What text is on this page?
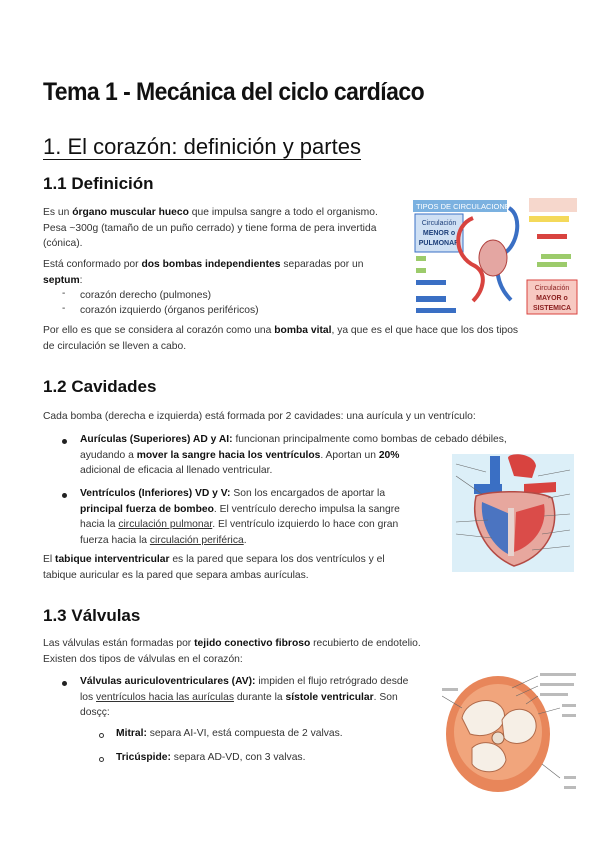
Tema 1 - Mecánica del ciclo cardíaco
1. El corazón: definición y partes
1.1 Definición
Es un órgano muscular hueco que impulsa sangre a todo el organismo.
Pesa ~300g (tamaño de un puño cerrado) y tiene forma de pera invertida
(cónica).
Está conformado por dos bombas independientes separadas por un
septum:
- corazón derecho (pulmones)
- corazón izquierdo (órganos periféricos)
Por ello es que se considera al corazón como una bomba vital, ya que es el que hace que los dos tipos
de circulación se lleven a cabo.
TIPOS DE CIRCULACIONES:
Circulación
MENOR o
PULMONAR
Circulación
MAYOR o
SISTEMICA
1.2 Cavidades
Cada bomba (derecha e izquierda) está formada por 2 cavidades: una aurícula y un ventrículo:
Aurículas (Superiores) AD y AI: funcionan principalmente como bombas de cebado débiles,
ayudando a mover la sangre hacia los ventrículos. Aportan un 20%
adicional de eficacia al llenado ventricular.
Ventrículos (Inferiores) VD y V: Son los encargados de aportar la
principal fuerza de bombeo. El ventrículo derecho impulsa la sangre
hacia la circulación pulmonar. El ventrículo izquierdo lo hace con gran
fuerza hacia la circulación periférica.
El tabique interventricular es la pared que separa los dos ventrículos y el
tabique auricular es la pared que separa ambas aurículas.
1.3 Válvulas
Las válvulas están formadas por tejido conectivo fibroso recubierto de endotelio.
Existen dos tipos de válvulas en el corazón:
Válvulas auriculoventriculares (AV): impiden el flujo retrógrado desde
los ventrículos hacia las aurículas durante la sístole ventricular. Son
dosçç:
Mitral: separa AI-VI, está compuesta de 2 valvas.
Tricúspide: separa AD-VD, con 3 valvas.
